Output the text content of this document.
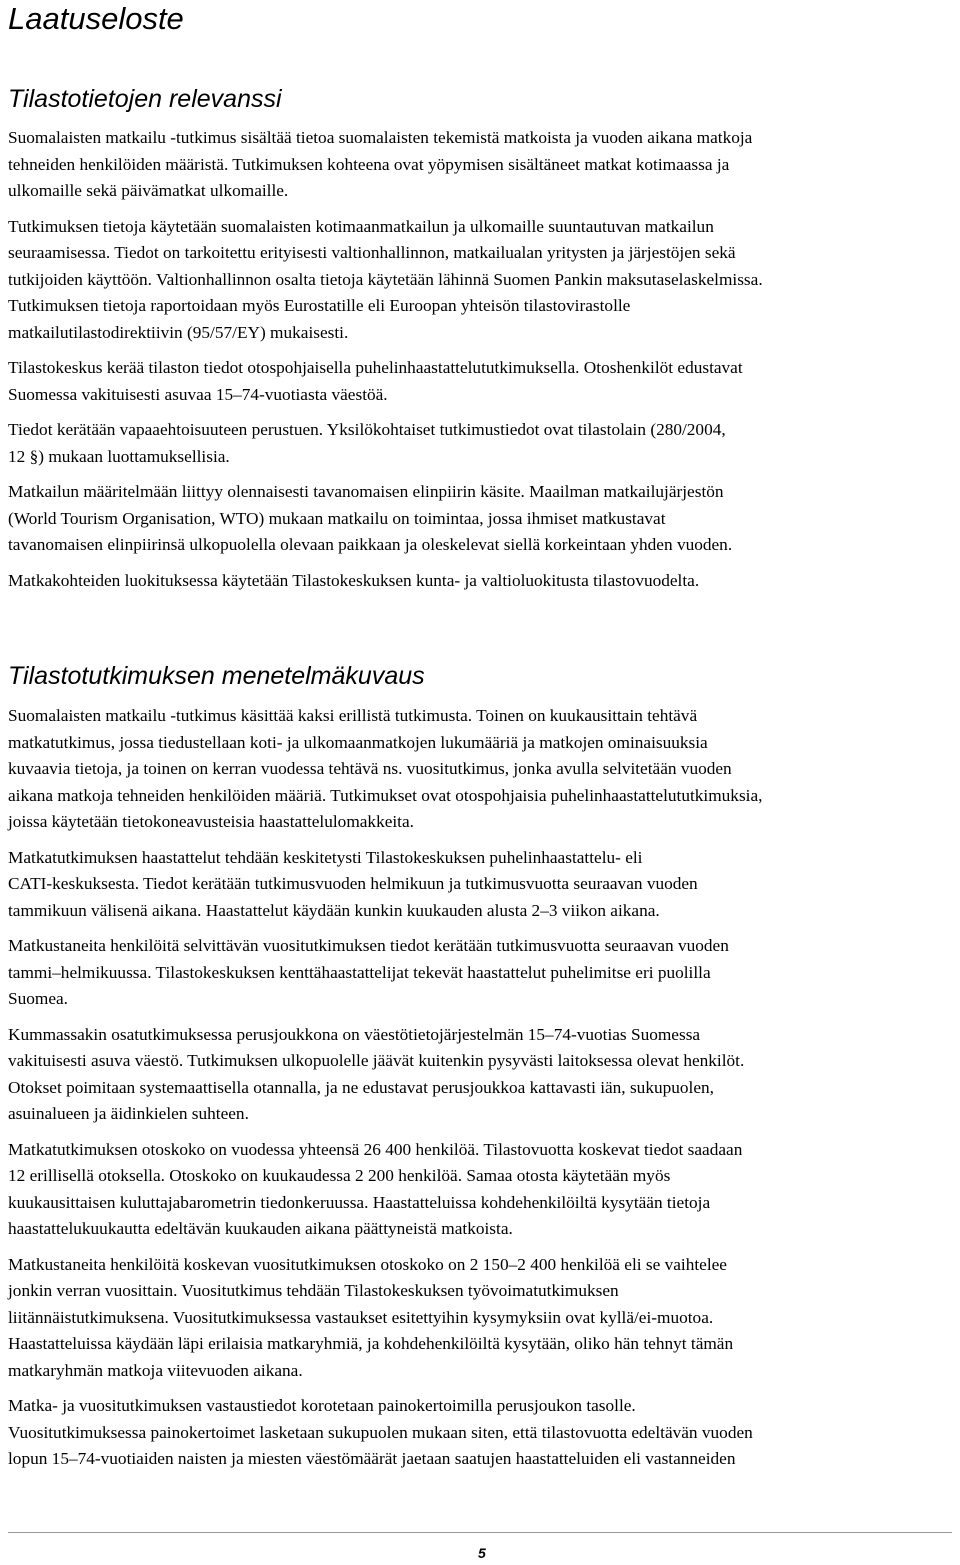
Laatuseloste
Tilastotietojen relevanssi

Suomalaisten matkailu -tutkimus sisältää tietoa suomalaisten tekemistä matkoista ja vuoden aikana matkoja
tehneiden henkilöiden määristä. Tutkimuksen kohteena ovat yöpymisen sisältäneet matkat kotimaassa ja
ulkomaille sekä päivämatkat ulkomaille.

Tutkimuksen tietoja käytetään suomalaisten kotimaanmatkailun ja ulkomaille suuntautuvan matkailun
seuraamisessa. Tiedot on tarkoitettu erityisesti valtionhallinnon, matkailualan yritysten ja järjestöjen sekä
tutkijoiden käyttöön. Valtionhallinnon osalta tietoja käytetään lähinnä Suomen Pankin maksutaselaskelmissa.
Tutkimuksen tietoja raportoidaan myös Eurostatille eli Euroopan yhteisön tilastovirastolle
matkailutilastodirektiivin (95/57/EY) mukaisesti.

Tilastokeskus kerää tilaston tiedot otospohjaisella puhelinhaastattelututkimuksella. Otoshenkilöt edustavat
Suomessa vakituisesti asuvaa 15–74-vuotiasta väestöä.

Tiedot kerätään vapaaehtoisuuteen perustuen. Yksilökohtaiset tutkimustiedot ovat tilastolain (280/2004,
12 §) mukaan luottamuksellisia.

Matkailun määritelmään liittyy olennaisesti tavanomaisen elinpiirin käsite. Maailman matkailujärjestön
(World Tourism Organisation, WTO) mukaan matkailu on toimintaa, jossa ihmiset matkustavat
tavanomaisen elinpiirinsä ulkopuolella olevaan paikkaan ja oleskelevat siellä korkeintaan yhden vuoden.

Matkakohteiden luokituksessa käytetään Tilastokeskuksen kunta- ja valtioluokitusta tilastovuodelta.

Tilastotutkimuksen menetelmäkuvaus

Suomalaisten matkailu -tutkimus käsittää kaksi erillistä tutkimusta. Toinen on kuukausittain tehtävä
matkatutkimus, jossa tiedustellaan koti- ja ulkomaanmatkojen lukumääriä ja matkojen ominaisuuksia
kuvaavia tietoja, ja toinen on kerran vuodessa tehtävä ns. vuositutkimus, jonka avulla selvitetään vuoden
aikana matkoja tehneiden henkilöiden määriä. Tutkimukset ovat otospohjaisia puhelinhaastattelututkimuksia,
joissa käytetään tietokoneavusteisia haastattelulomakkeita.

Matkatutkimuksen haastattelut tehdään keskitetysti Tilastokeskuksen puhelinhaastattelu- eli
CATI-keskuksesta. Tiedot kerätään tutkimusvuoden helmikuun ja tutkimusvuotta seuraavan vuoden
tammikuun välisenä aikana. Haastattelut käydään kunkin kuukauden alusta 2–3 viikon aikana.

Matkustaneita henkilöitä selvittävän vuositutkimuksen tiedot kerätään tutkimusvuotta seuraavan vuoden
tammi–helmikuussa. Tilastokeskuksen kenttähaastattelijat tekevät haastattelut puhelimitse eri puolilla
Suomea.

Kummassakin osatutkimuksessa perusjoukkona on väestötietojärjestelmän 15–74-vuotias Suomessa
vakituisesti asuva väestö. Tutkimuksen ulkopuolelle jäävät kuitenkin pysyvästi laitoksessa olevat henkilöt.
Otokset poimitaan systemaattisella otannalla, ja ne edustavat perusjoukkoa kattavasti iän, sukupuolen,
asuinalueen ja äidinkielen suhteen.

Matkatutkimuksen otoskoko on vuodessa yhteensä 26 400 henkilöä. Tilastovuotta koskevat tiedot saadaan
12 erillisellä otoksella. Otoskoko on kuukaudessa 2 200 henkilöä. Samaa otosta käytetään myös
kuukausittaisen kuluttajabarometrin tiedonkeruussa. Haastatteluissa kohdehenkilöiltä kysytään tietoja
haastattelukuukautta edeltävän kuukauden aikana päättyneistä matkoista.

Matkustaneita henkilöitä koskevan vuositutkimuksen otoskoko on 2 150–2 400 henkilöä eli se vaihtelee
jonkin verran vuosittain. Vuositutkimus tehdään Tilastokeskuksen työvoimatutkimuksen
liitännäistutkimuksena. Vuositutkimuksessa vastaukset esitettyihin kysymyksiin ovat kyllä/ei-muotoa.
Haastatteluissa käydään läpi erilaisia matkaryhmiä, ja kohdehenkilöiltä kysytään, oliko hän tehnyt tämän
matkaryhmän matkoja viitevuoden aikana.

Matka- ja vuositutkimuksen vastaustiedot korotetaan painokertoimilla perusjoukon tasolle.
Vuositutkimuksessa painokertoimet lasketaan sukupuolen mukaan siten, että tilastovuotta edeltävän vuoden
lopun 15–74-vuotiaiden naisten ja miesten väestömäärät jaetaan saatujen haastatteluiden eli vastanneiden

5
